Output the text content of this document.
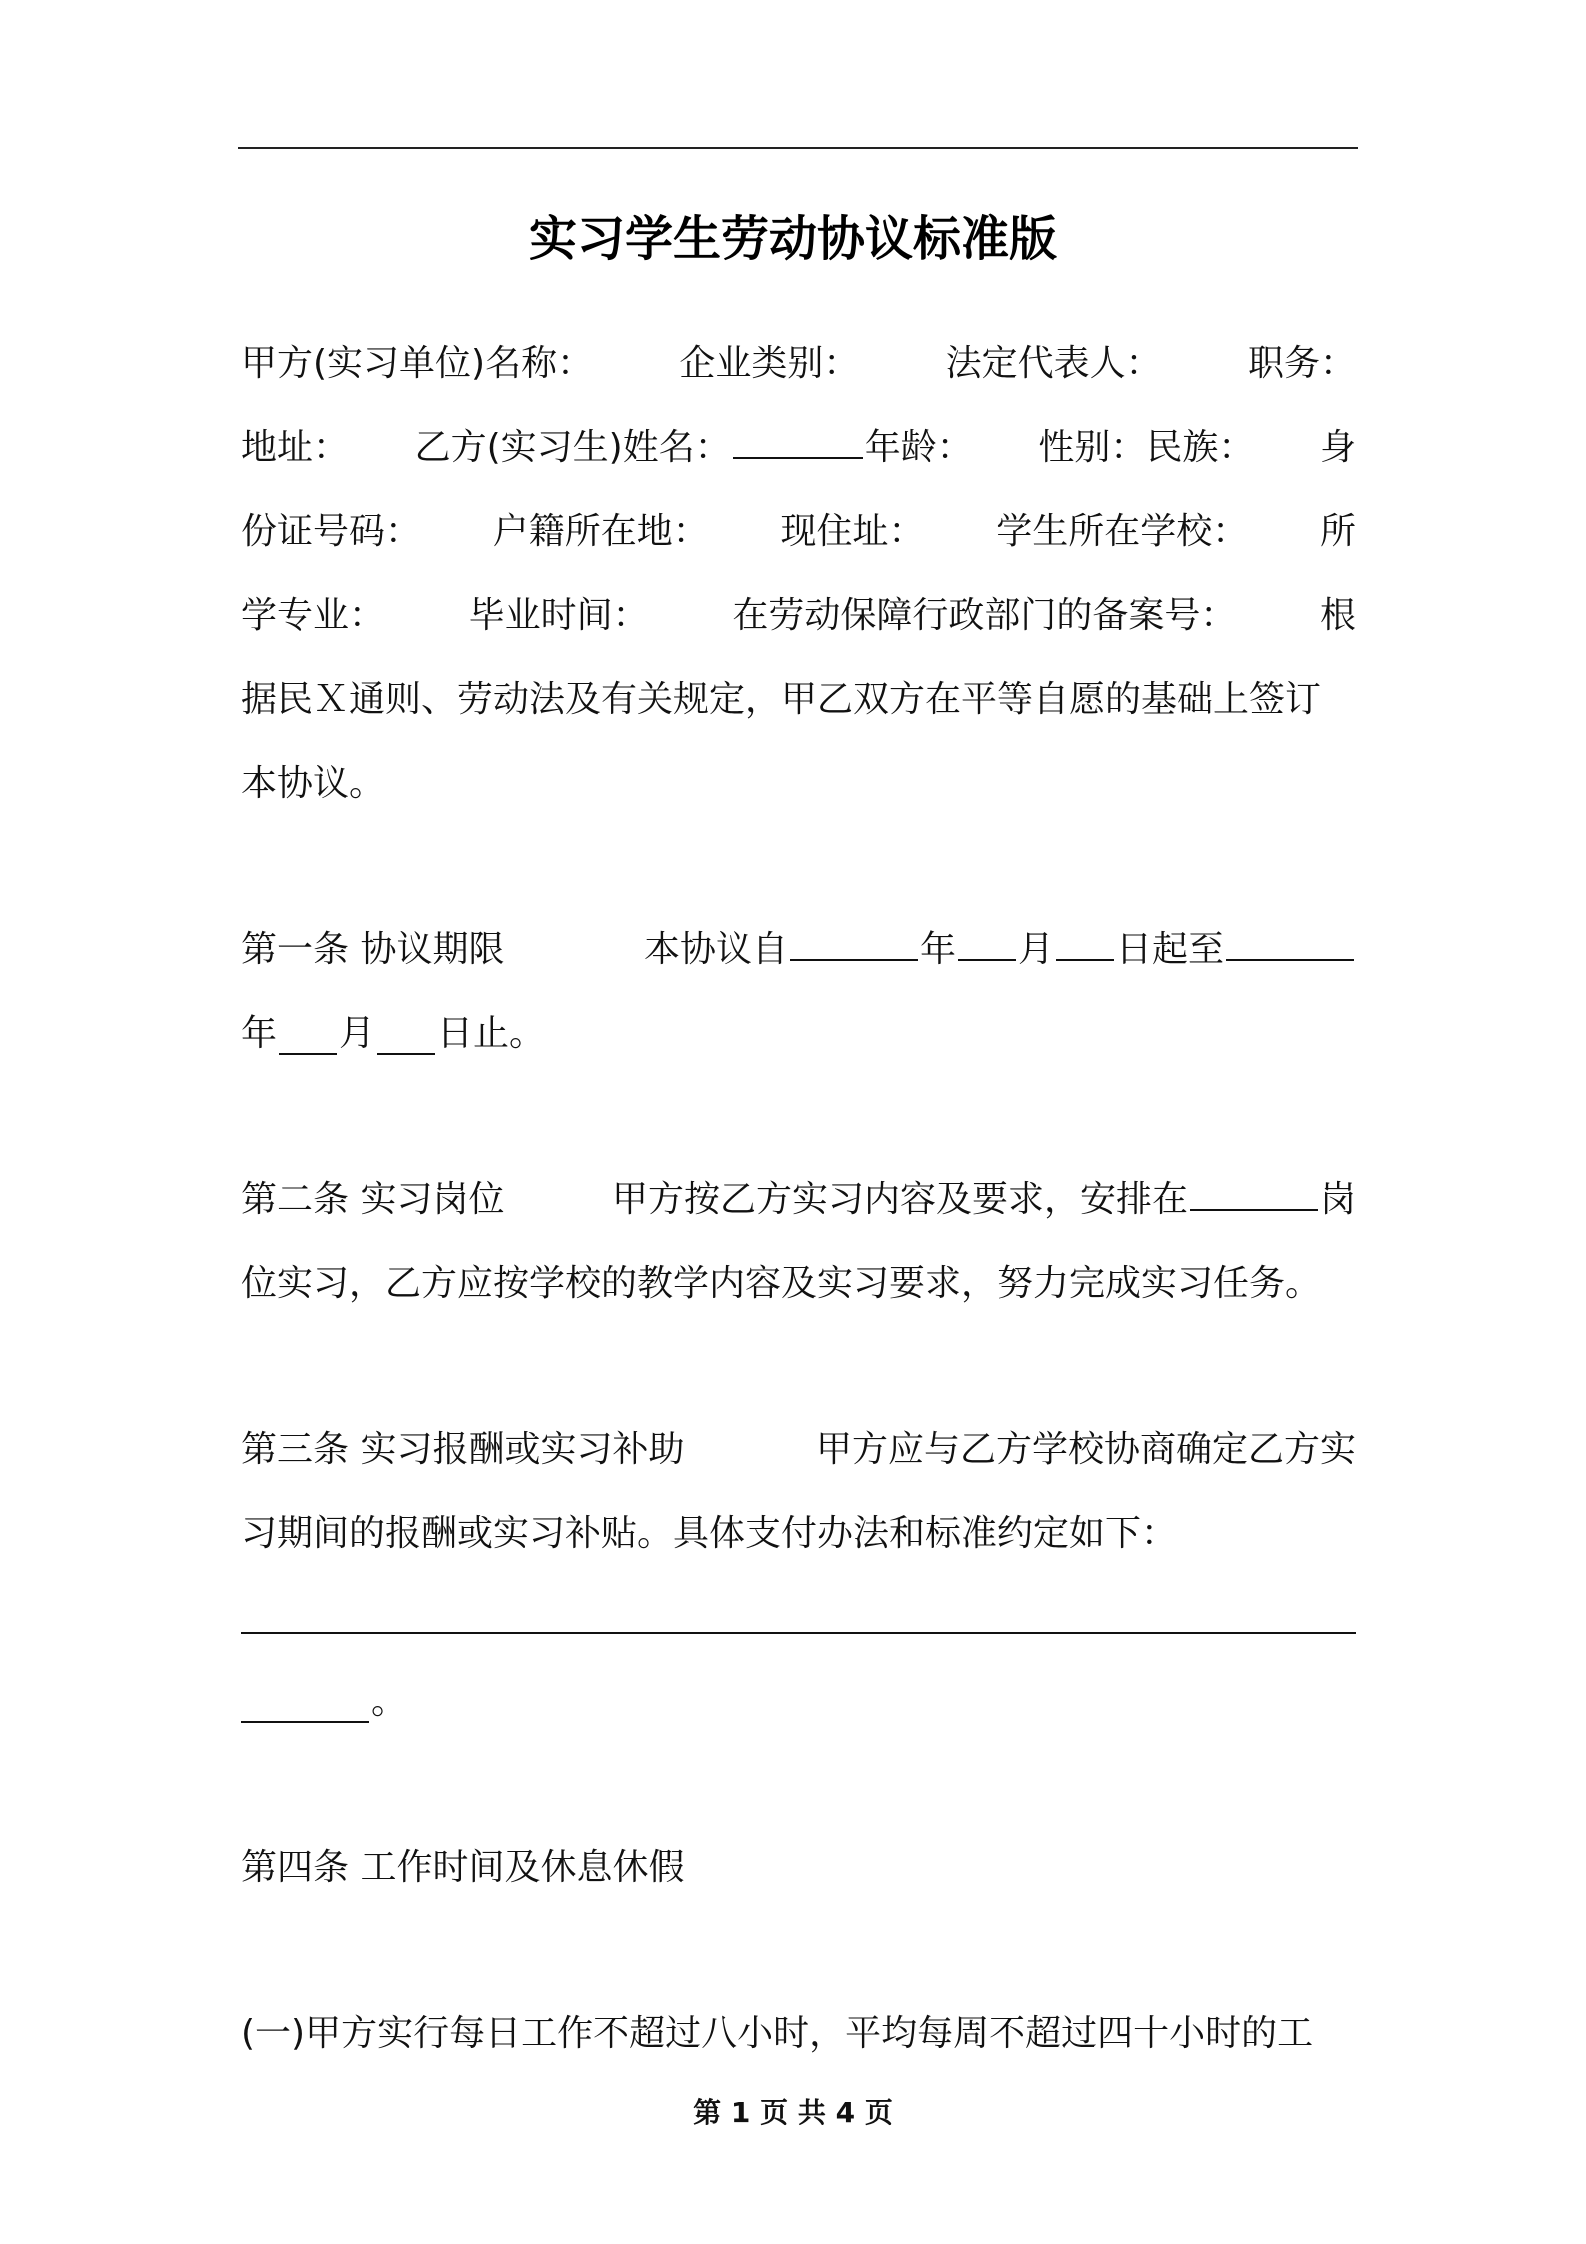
实习学生劳动协议标准版
甲方(实习单位)名称： 企业类别： 法定代表人： 职务：
地址： 乙方(实习生)姓名：	年龄： 性别：民族： 身
份证号码： 户籍所在地： 现住址： 学生所在学校： 所
学专业： 毕业时间： 在劳动保障行政部门的备案号： 根
据民Ｘ通则、劳动法及有关规定，甲乙双方在平等自愿的基础上签订
本协议。
第一条 协议期限	本协议自	年 月 日起至
年 月 日止。
第二条 实习岗位	甲方按乙方实习内容及要求，安排在	岗
位实习，乙方应按学校的教学内容及实习要求，努力完成实习任务。
第三条 实习报酬或实习补助	甲方应与乙方学校协商确定乙方实
习期间的报酬或实习补贴。具体支付办法和标准约定如下：
。
第四条 工作时间及休息休假
(一)甲方实行每日工作不超过八小时，平均每周不超过四十小时的工
第 1 页 共 4 页
